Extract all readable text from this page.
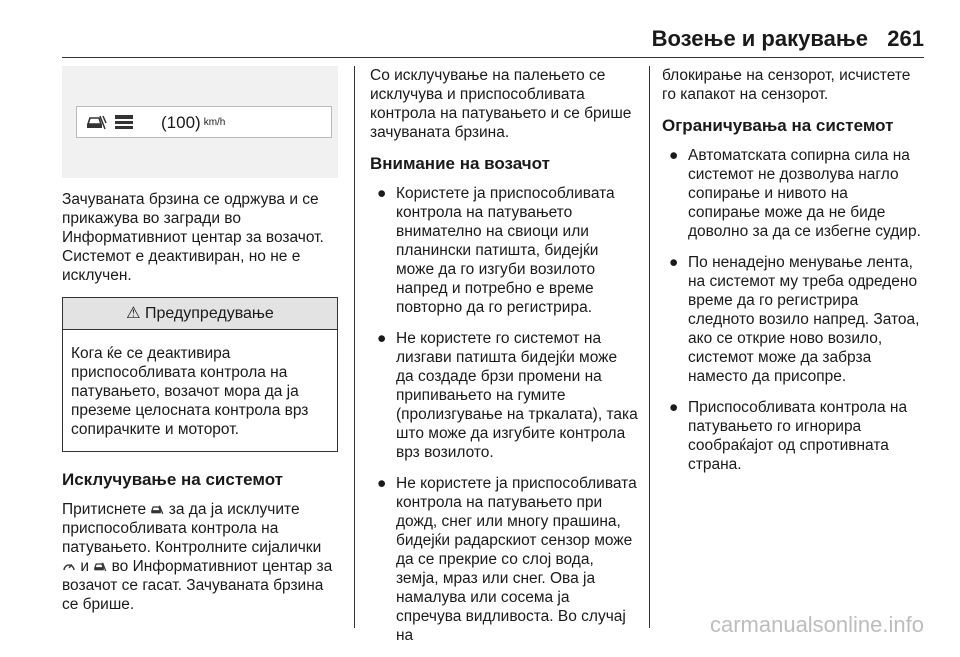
Возење и ракување 261
(100) km/h

Зачуваната брзина се одржува и се прикажува во загради во Информативниот центар за возачот. Системот е деактивиран, но не е исклучен.

⚠ Предупредување
Кога ќе се деактивира приспособливата контрола на патувањето, возачот мора да ја преземе целосната контрола врз сопирачките и моторот.
Исклучување на системот

Притиснете за да ја исклучите приспособливата контрола на патувањето. Контролните сијалички  и во Информативниот центар за возачот се гасат. Зачуваната брзина се брише.

Со исклучување на палењето се исклучува и приспособливата контрола на патувањето и се брише зачуваната брзина.

Внимание на возачот
● Користете ја приспособливата контрола на патувањето внимателно на свиоци или планински патишта, бидејќи може да го изгуби возилото напред и потребно е време повторно да го регистрира.
● Не користете го системот на лизгави патишта бидејќи може да создаде брзи промени на припивањето на гумите (пролизгување на тркалата), така што може да изгубите контрола врз возилото.
● Не користете ја приспособливата контрола на патувањето при дожд, снег или многу прашина, бидејќи радарскиот сензор може да се прекрие со слој вода, земја, мраз или снег. Ова ја намалува или сосема ја спречува видливоста. Во случај на

блокирање на сензорот, исчистете го капакот на сензорот.

Ограничувања на системот
● Автоматската сопирна сила на системот не дозволува нагло сопирање и нивото на сопирање може да не биде доволно за да се избегне судир.
● По ненадејно менување лента, на системот му треба одредено време да го регистрира следното возило напред. Затоа, ако се открие ново возило, системот може да забрза наместо да присопре.
● Приспособливата контрола на патувањето го игнорира сообраќајот од спротивната страна.
carmanualsonline.info
